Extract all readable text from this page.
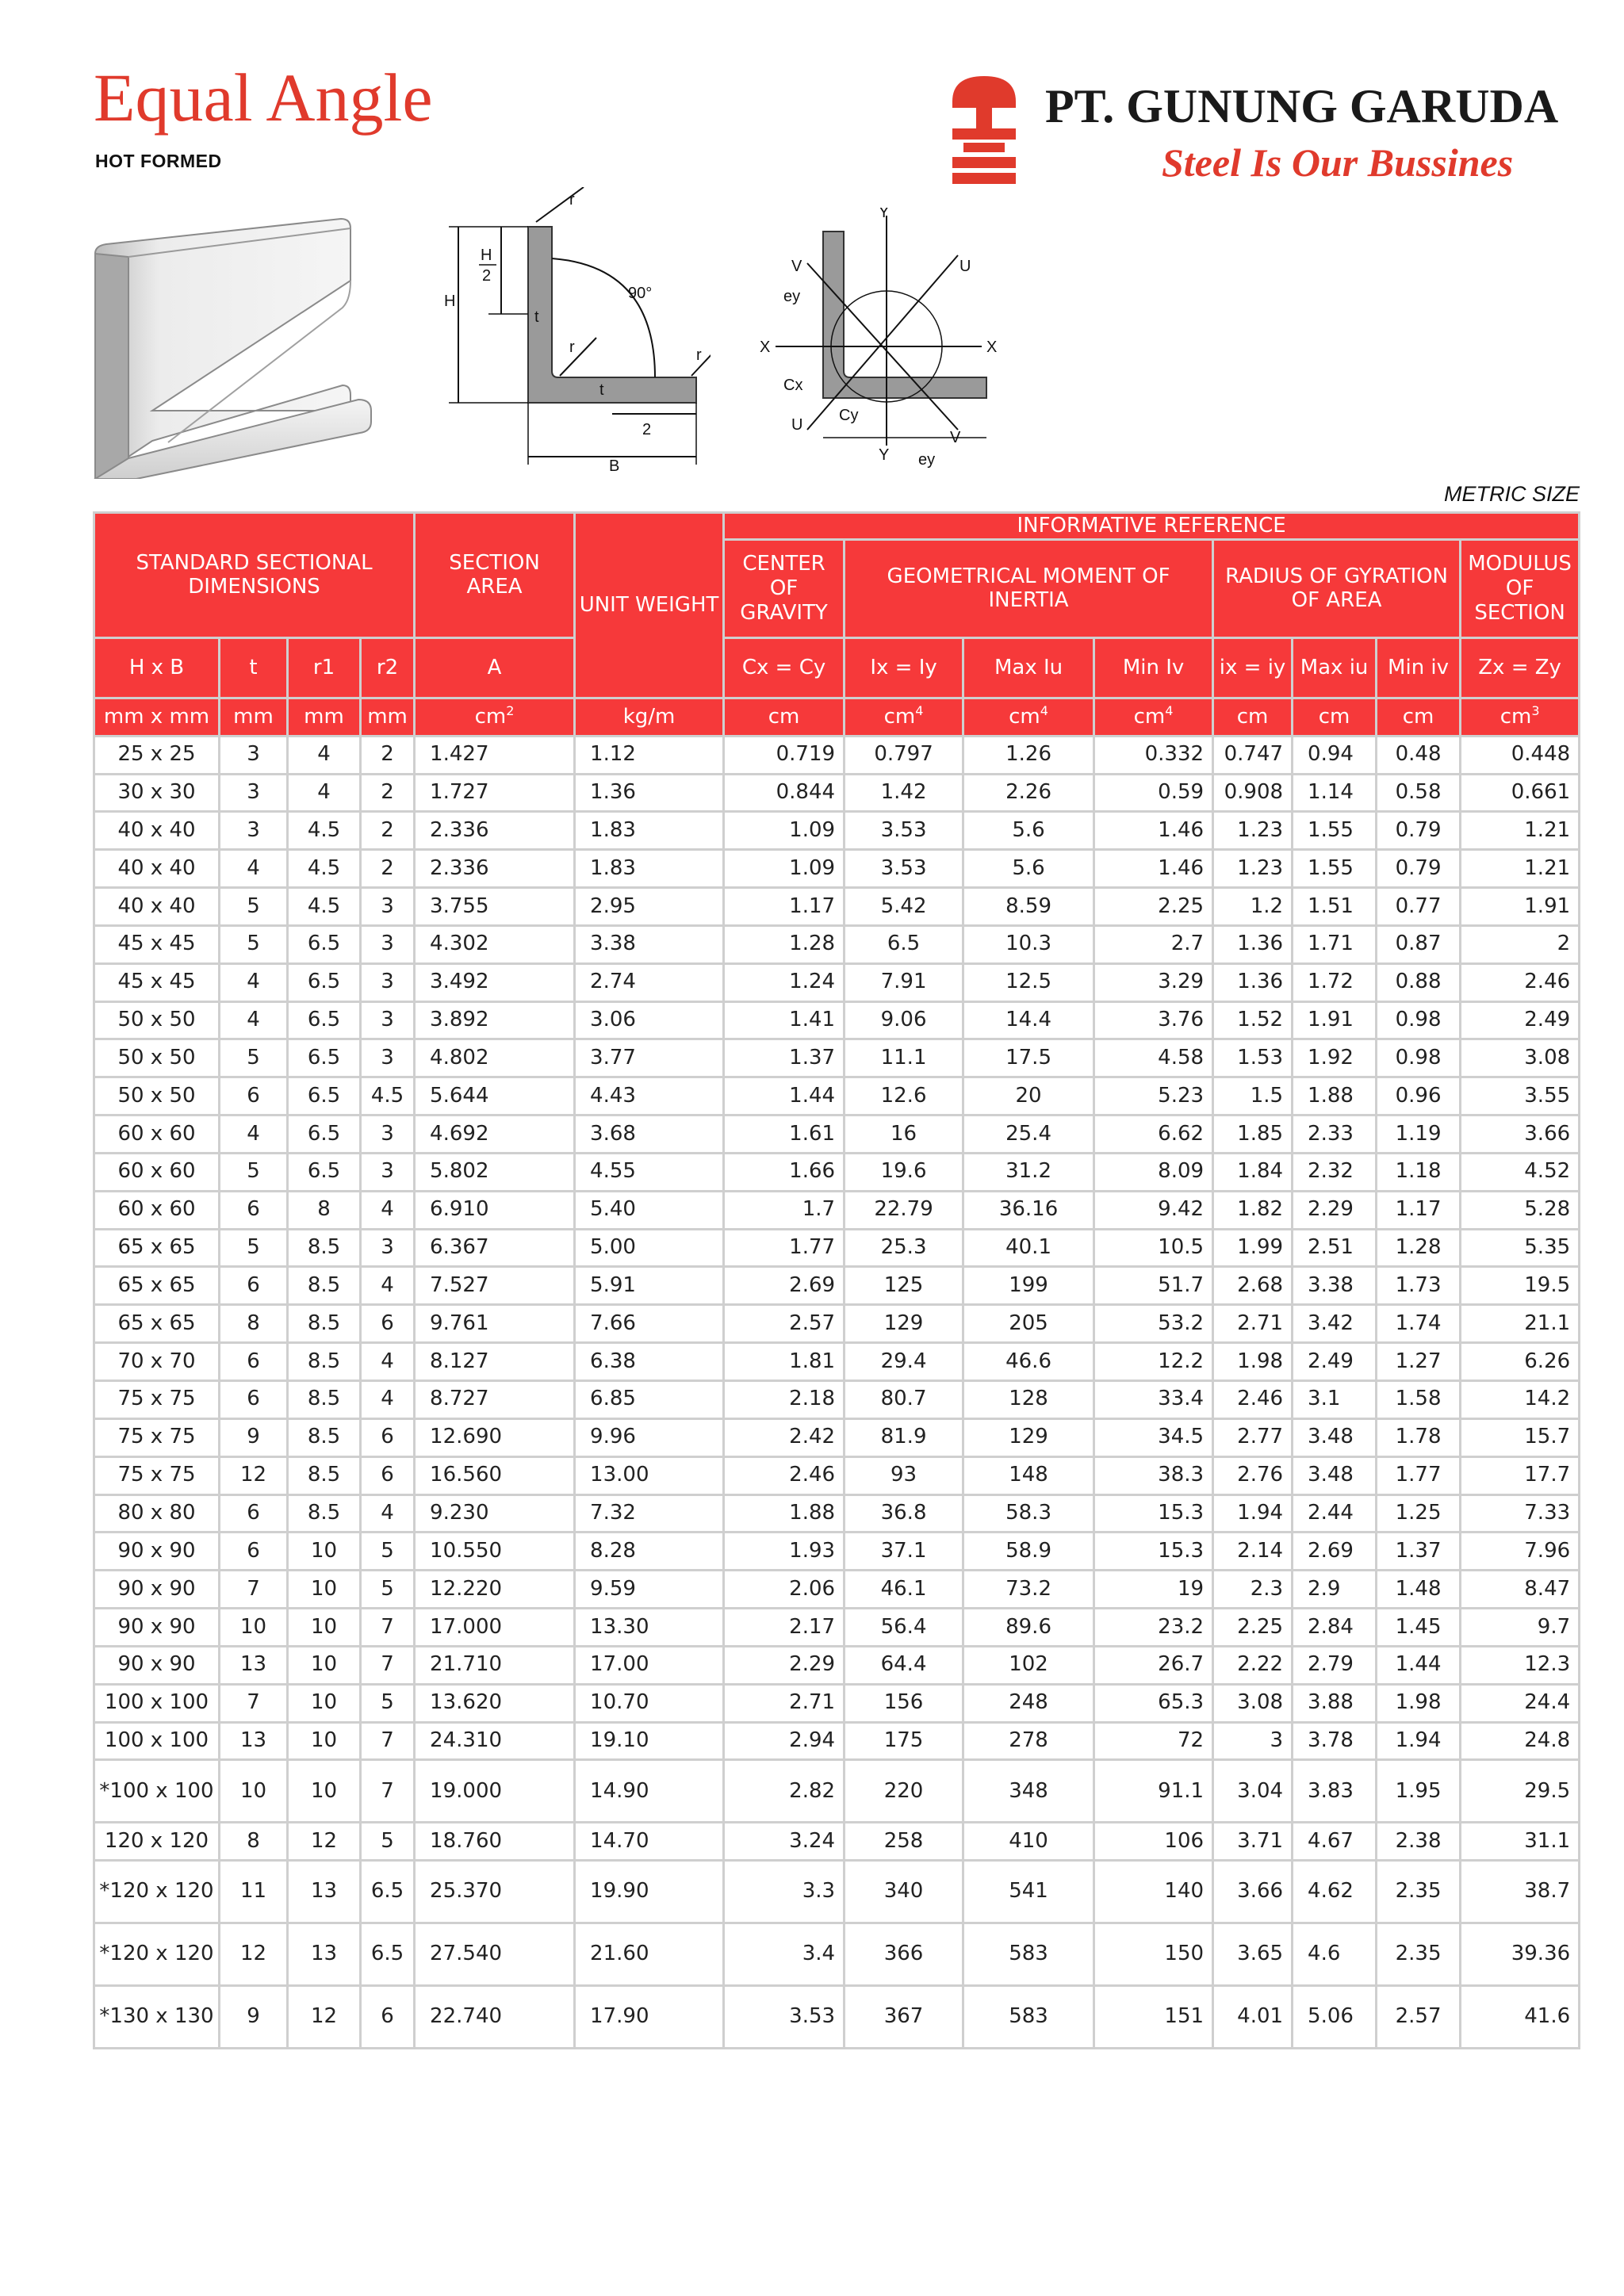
Equal Angle
HOT FORMED
PT. GUNUNG GARUDA
Steel Is Our Bussines
H
H
2
90°
t
t
r
r
r
2
B
X
X
Y
Y
U
U
V
V
ey
Cx
Cy
ey
METRIC SIZE
STANDARD SECTIONAL DIMENSIONS				SECTION AREA	UNIT WEIGHT	INFORMATIVE REFERENCE							
						CENTER OF GRAVITY	GEOMETRICAL MOMENT OF INERTIA			RADIUS OF GYRATION OF AREA			MODULUS OF SECTION
H x B	t	r1	r2	A		Cx = Cy	Ix = Iy	Max Iu	Min Iv	ix = iy	Max iu	Min iv	Zx = Zy
mm x mm	mm	mm	mm	$cm^2$	kg/m	cm	$cm^4$	$cm^4$	$cm^4$	cm	cm	cm	$cm^3$
25 x 25	3	4	2	1.427	1.12	0.719	0.797	1.26	0.332	0.747	0.94	0.48	0.448
30 x 30	3	4	2	1.727	1.36	0.844	1.42	2.26	0.59	0.908	1.14	0.58	0.661
40 x 40	3	4.5	2	2.336	1.83	1.09	3.53	5.6	1.46	1.23	1.55	0.79	1.21
40 x 40	4	4.5	2	2.336	1.83	1.09	3.53	5.6	1.46	1.23	1.55	0.79	1.21
40 x 40	5	4.5	3	3.755	2.95	1.17	5.42	8.59	2.25	1.2	1.51	0.77	1.91
45 x 45	5	6.5	3	4.302	3.38	1.28	6.5	10.3	2.7	1.36	1.71	0.87	2
45 x 45	4	6.5	3	3.492	2.74	1.24	7.91	12.5	3.29	1.36	1.72	0.88	2.46
50 x 50	4	6.5	3	3.892	3.06	1.41	9.06	14.4	3.76	1.52	1.91	0.98	2.49
50 x 50	5	6.5	3	4.802	3.77	1.37	11.1	17.5	4.58	1.53	1.92	0.98	3.08
50 x 50	6	6.5	4.5	5.644	4.43	1.44	12.6	20	5.23	1.5	1.88	0.96	3.55
60 x 60	4	6.5	3	4.692	3.68	1.61	16	25.4	6.62	1.85	2.33	1.19	3.66
60 x 60	5	6.5	3	5.802	4.55	1.66	19.6	31.2	8.09	1.84	2.32	1.18	4.52
60 x 60	6	8	4	6.910	5.40	1.7	22.79	36.16	9.42	1.82	2.29	1.17	5.28
65 x 65	5	8.5	3	6.367	5.00	1.77	25.3	40.1	10.5	1.99	2.51	1.28	5.35
65 x 65	6	8.5	4	7.527	5.91	2.69	125	199	51.7	2.68	3.38	1.73	19.5
65 x 65	8	8.5	6	9.761	7.66	2.57	129	205	53.2	2.71	3.42	1.74	21.1
70 x 70	6	8.5	4	8.127	6.38	1.81	29.4	46.6	12.2	1.98	2.49	1.27	6.26
75 x 75	6	8.5	4	8.727	6.85	2.18	80.7	128	33.4	2.46	3.1	1.58	14.2
75 x 75	9	8.5	6	12.690	9.96	2.42	81.9	129	34.5	2.77	3.48	1.78	15.7
75 x 75	12	8.5	6	16.560	13.00	2.46	93	148	38.3	2.76	3.48	1.77	17.7
80 x 80	6	8.5	4	9.230	7.32	1.88	36.8	58.3	15.3	1.94	2.44	1.25	7.33
90 x 90	6	10	5	10.550	8.28	1.93	37.1	58.9	15.3	2.14	2.69	1.37	7.96
90 x 90	7	10	5	12.220	9.59	2.06	46.1	73.2	19	2.3	2.9	1.48	8.47
90 x 90	10	10	7	17.000	13.30	2.17	56.4	89.6	23.2	2.25	2.84	1.45	9.7
90 x 90	13	10	7	21.710	17.00	2.29	64.4	102	26.7	2.22	2.79	1.44	12.3
100 x 100	7	10	5	13.620	10.70	2.71	156	248	65.3	3.08	3.88	1.98	24.4
100 x 100	13	10	7	24.310	19.10	2.94	175	278	72	3	3.78	1.94	24.8
*100 x 100	10	10	7	19.000	14.90	2.82	220	348	91.1	3.04	3.83	1.95	29.5
120 x 120	8	12	5	18.760	14.70	3.24	258	410	106	3.71	4.67	2.38	31.1
*120 x 120	11	13	6.5	25.370	19.90	3.3	340	541	140	3.66	4.62	2.35	38.7
*120 x 120	12	13	6.5	27.540	21.60	3.4	366	583	150	3.65	4.6	2.35	39.36
*130 x 130	9	12	6	22.740	17.90	3.53	367	583	151	4.01	5.06	2.57	41.6
